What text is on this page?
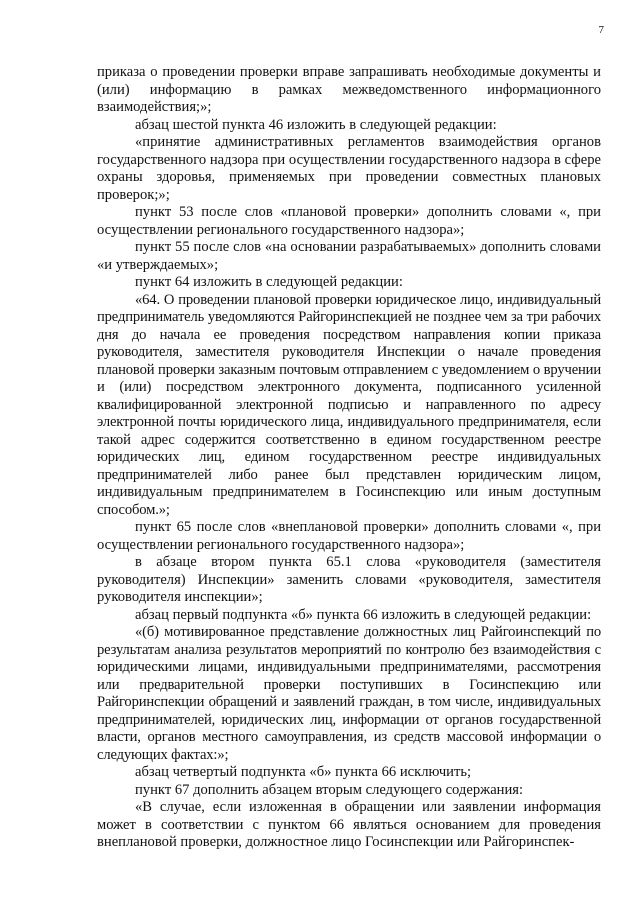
7

приказа о проведении проверки вправе запрашивать необходимые документы и (или) информацию в рамках межведомственного информационного взаимодействия;»;

абзац шестой пункта 46 изложить в следующей редакции:

«принятие административных регламентов взаимодействия органов государственного надзора при осуществлении государственного надзора в сфере охраны здоровья, применяемых при проведении совместных плановых проверок;»;

пункт 53 после слов «плановой проверки» дополнить словами «, при осуществлении регионального государственного надзора»;

пункт 55 после слов «на основании разрабатываемых» дополнить словами «и утверждаемых»;

пункт 64 изложить в следующей редакции:

«64. О проведении плановой проверки юридическое лицо, индивидуальный предприниматель уведомляются Райгоринспекцией не позднее чем за три рабочих дня до начала ее проведения посредством направления копии приказа руководителя, заместителя руководителя Инспекции о начале проведения плановой проверки заказным почтовым отправлением с уведомлением о вручении и (или) посредством электронного документа, подписанного усиленной квалифицированной электронной подписью и направленного по адресу электронной почты юридического лица, индивидуального предпринимателя, если такой адрес содержится соответственно в едином государственном реестре юридических лиц, едином государственном реестре индивидуальных предпринимателей либо ранее был представлен юридическим лицом, индивидуальным предпринимателем в Госинспекцию или иным доступным способом.»;

пункт 65 после слов «внеплановой проверки» дополнить словами «, при осуществлении регионального государственного надзора»;

в абзаце втором пункта 65.1 слова «руководителя (заместителя руководителя) Инспекции» заменить словами «руководителя, заместителя руководителя инспекции»;

абзац первый подпункта «б» пункта 66 изложить в следующей редакции:

«(б) мотивированное представление должностных лиц Райгоинспекций по результатам анализа результатов мероприятий по контролю без взаимодействия с юридическими лицами, индивидуальными предпринимателями, рассмотрения или предварительной проверки поступивших в Госинспекцию или Райгоринспекции обращений и заявлений граждан, в том числе, индивидуальных предпринимателей, юридических лиц, информации от органов государственной власти, органов местного самоуправления, из средств массовой информации о следующих фактах:»;

абзац четвертый подпункта «б» пункта 66 исключить;

пункт 67 дополнить абзацем вторым следующего содержания:

«В случае, если изложенная в обращении или заявлении информация может в соответствии с пунктом 66 являться основанием для проведения внеплановой проверки, должностное лицо Госинспекции или Райгоринспек-
